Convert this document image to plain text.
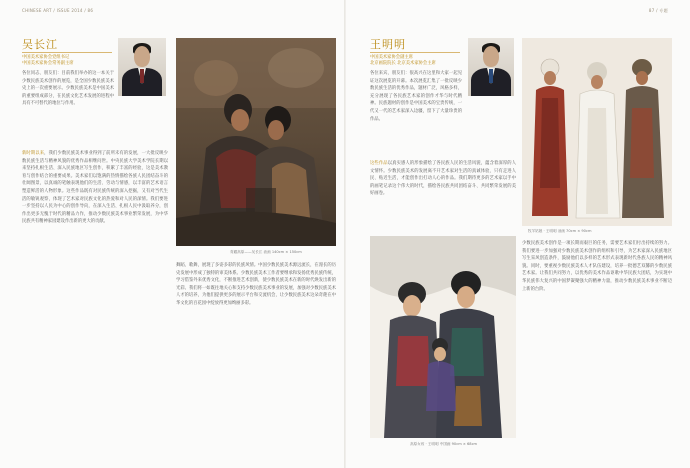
CHINESE ART / ISSUE 2014 / 86	87 / 专题
吴长江
中国美术家协会党组书记
中国美术家协会常务副主席

各位同志、朋友们：目前我们举办的这一本关于少数民族美术创作的展览，是全国少数民族美术史上的一次重要展示。少数民族美术是中国美术的重要组成部分，在民族文化艺术发展的进程中具有不可替代的地位与作用。

新时期以来，我们少数民族美术事业得到了前所未有的发展，一大批反映少数民族生活与精神风貌的优秀作品相继问世。中央民族大学美术学院长期以来坚持扎根生活、深入民族地区写生创作，积累了丰富的经验，这是美术教育与创作结合的重要成果。美术家们以饱满的热情描绘各族人民团结奋斗的壮阔图景，以真诚的笔触表现他们的生活、劳动与情感，以丰富的艺术语言塑造鲜活的人物形象。这些作品既有对民族传统的深入挖掘，又有对当代生活的敏锐观察，体现了艺术家对民族文化的热爱和对人民的深情。我们要进一步坚持以人民为中心的创作导向，在深入生活、扎根人民中汲取养分，创作出更多无愧于时代的精品力作，推动少数民族美术事业繁荣发展，为中华民族共有精神家园建设作出新的更大的贡献。

青藏高原——吴长江 油画 140cm × 150cm

舞蹈、歌舞，展现了多姿多彩的民族风情。中国少数民族美术源远流长，在漫长的历史发展中形成了独特的审美体系。少数民族美术工作者要继承和发扬优秀民族传统，学习借鉴外来优秀文化，不断推进艺术创新，使少数民族美术在新的时代焕发出新的光彩。我们将一如既往地关心和支持少数民族美术事业的发展，加强对少数民族美术人才的培养，为他们提供更多的展示平台和交流机会，让少数民族美术这朵奇葩在中华文化的百花园中绽放得更加绚丽多彩。

王明明
中国美术家协会副主席
北京画院院长 北京美术家协会主席

各位来宾，朋友们：很高兴在这里和大家一起见证这次展览的开幕。本次展览汇集了一批反映少数民族生活的优秀作品，题材广泛，风格多样，充分展现了各民族艺术家的创作才华与时代精神。民族题材的创作是中国美术的宝贵传统，一代又一代的艺术家深入边疆，留下了大量珍贵的作品。

这些作品以真实感人的形象描绘了各民族人民的生活风貌，蕴含着深厚的人文情怀。少数民族美术的发展离不开艺术家对生活的真诚体验，只有走进人民、贴近生活，才能创作出打动人心的作品。我们期待更多的艺术家以手中的画笔记录这个伟大的时代，描绘各民族共同团结奋斗、共同繁荣发展的美好画卷。

牧羊姑娘 · 王明明 油画 70cm × 90cm
高原女孩 · 王明明 中国画 90cm × 68cm

少数民族美术创作是一项长期而艰巨的任务，需要艺术家们付出持续的努力。我们要进一步加强对少数民族美术创作的组织和引导，为艺术家深入民族地区写生采风创造条件，鼓励他们以多样的艺术形式表现新时代各族人民的精神风貌。同时，要重视少数民族美术人才队伍建设，培养一批德艺双馨的少数民族艺术家。让我们共同努力，以优秀的美术作品讴歌中华民族大团结，为实现中华民族伟大复兴的中国梦凝聚强大的精神力量，推动少数民族美术事业不断迈上新的台阶。
